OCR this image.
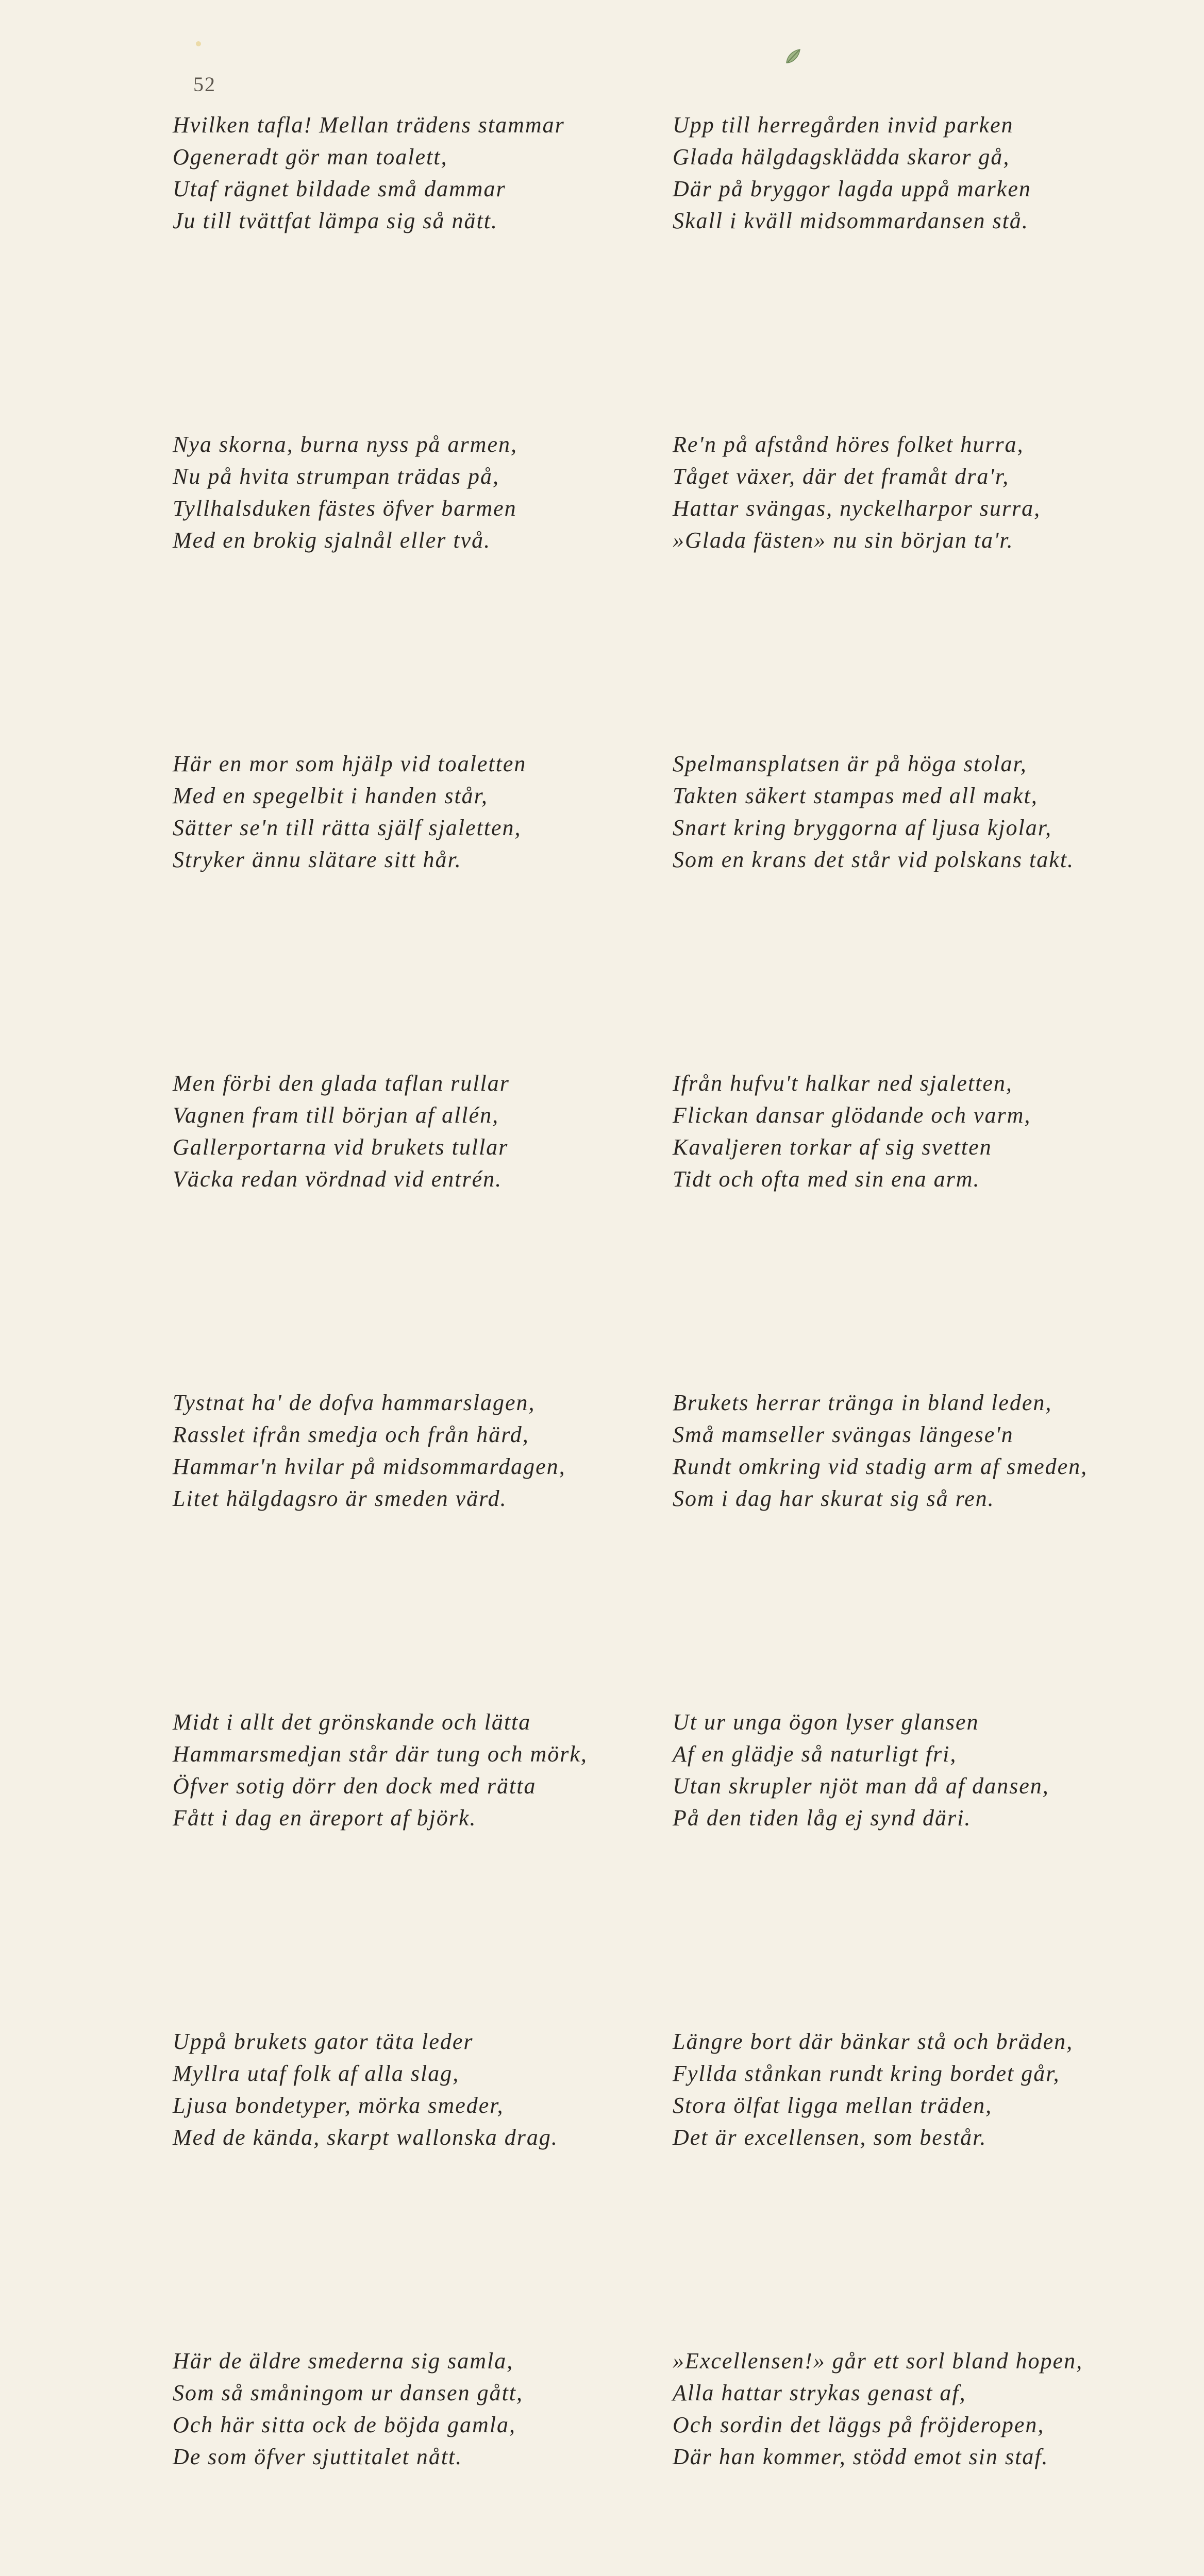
52
Hvilken tafla! Mellan trädens stammar
Ogeneradt gör man toalett,
Utaf rägnet bildade små dammar
Ju till tvättfat lämpa sig så nätt.
Nya skorna, burna nyss på armen,
Nu på hvita strumpan trädas på,
Tyllhalsduken fästes öfver barmen
Med en brokig sjalnål eller två.
Här en mor som hjälp vid toaletten
Med en spegelbit i handen står,
Sätter se'n till rätta själf sjaletten,
Stryker ännu slätare sitt hår.
Men förbi den glada taflan rullar
Vagnen fram till början af allén,
Gallerportarna vid brukets tullar
Väcka redan vördnad vid entrén.
Tystnat ha' de dofva hammarslagen,
Rasslet ifrån smedja och från härd,
Hammar'n hvilar på midsommardagen,
Litet hälgdagsro är smeden värd.
Midt i allt det grönskande och lätta
Hammarsmedjan står där tung och mörk,
Öfver sotig dörr den dock med rätta
Fått i dag en äreport af björk.
Uppå brukets gator täta leder
Myllra utaf folk af alla slag,
Ljusa bondetyper, mörka smeder,
Med de kända, skarpt wallonska drag.
Här de äldre smederna sig samla,
Som så småningom ur dansen gått,
Och här sitta ock de böjda gamla,
De som öfver sjuttitalet nått.
Upp till herregården invid parken
Glada hälgdagsklädda skaror gå,
Där på bryggor lagda uppå marken
Skall i kväll midsommardansen stå.
Re'n på afstånd höres folket hurra,
Tåget växer, där det framåt dra'r,
Hattar svängas, nyckelharpor surra,
»Glada fästen» nu sin början ta'r.
Spelmansplatsen är på höga stolar,
Takten säkert stampas med all makt,
Snart kring bryggorna af ljusa kjolar,
Som en krans det står vid polskans takt.
Ifrån hufvu't halkar ned sjaletten,
Flickan dansar glödande och varm,
Kavaljeren torkar af sig svetten
Tidt och ofta med sin ena arm.
Brukets herrar tränga in bland leden,
Små mamseller svängas längese'n
Rundt omkring vid stadig arm af smeden,
Som i dag har skurat sig så ren.
Ut ur unga ögon lyser glansen
Af en glädje så naturligt fri,
Utan skrupler njöt man då af dansen,
På den tiden låg ej synd däri.
Längre bort där bänkar stå och bräden,
Fyllda stånkan rundt kring bordet går,
Stora ölfat ligga mellan träden,
Det är excellensen, som består.
»Excellensen!» går ett sorl bland hopen,
Alla hattar strykas genast af,
Och sordin det läggs på fröjderopen,
Där han kommer, stödd emot sin staf.
